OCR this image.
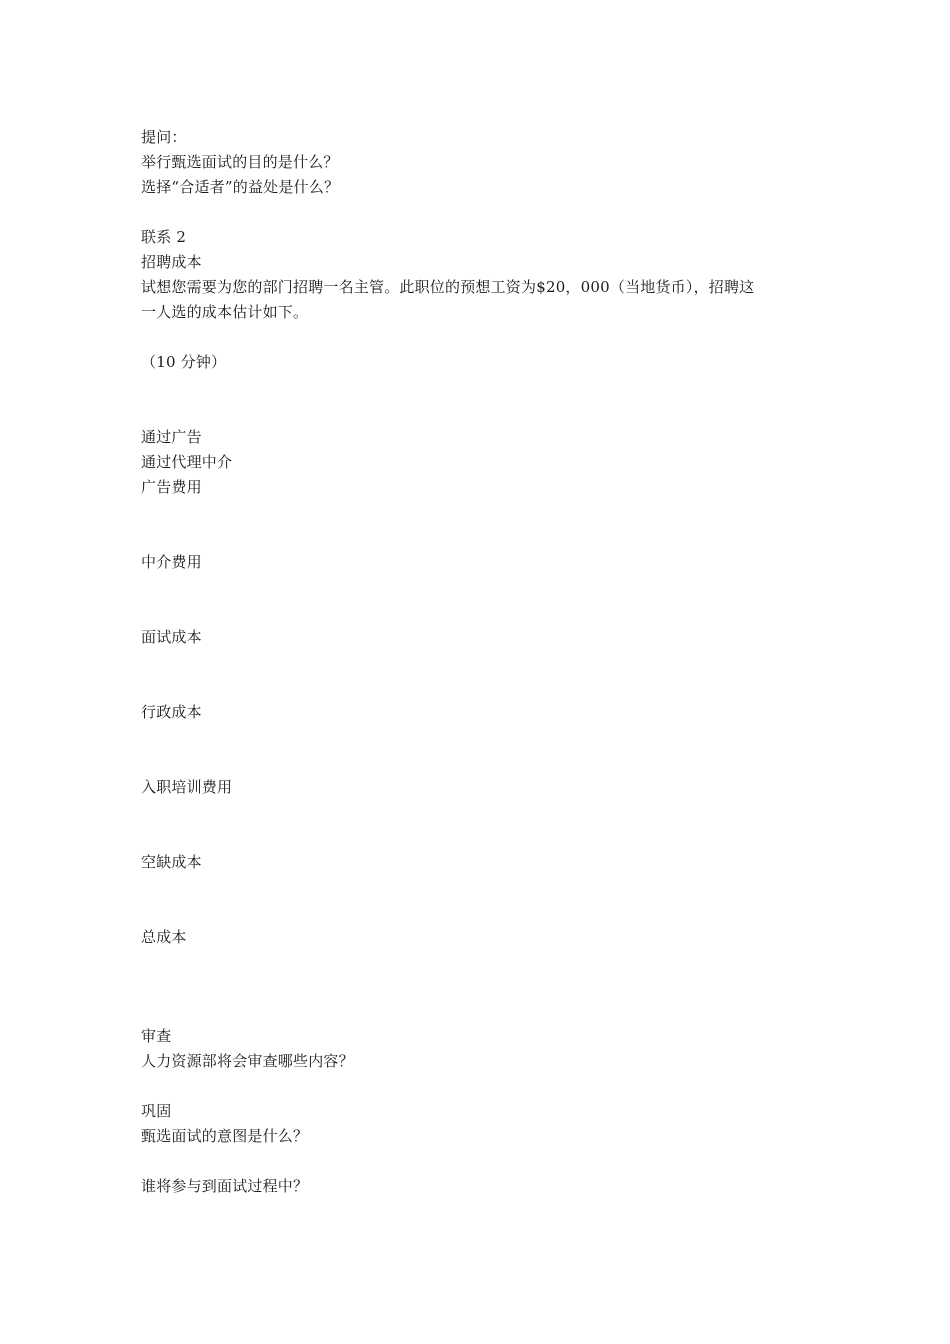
提问：
举行甄选面试的目的是什么？
选择“合适者”的益处是什么？
联系 2
招聘成本
试想您需要为您的部门招聘一名主管。此职位的预想工资为$20，000（当地货币），招聘这
一人选的成本估计如下。
（10 分钟）
通过广告
通过代理中介
广告费用
中介费用
面试成本
行政成本
入职培训费用
空缺成本
总成本
审查
人力资源部将会审查哪些内容？
巩固
甄选面试的意图是什么？
谁将参与到面试过程中？
